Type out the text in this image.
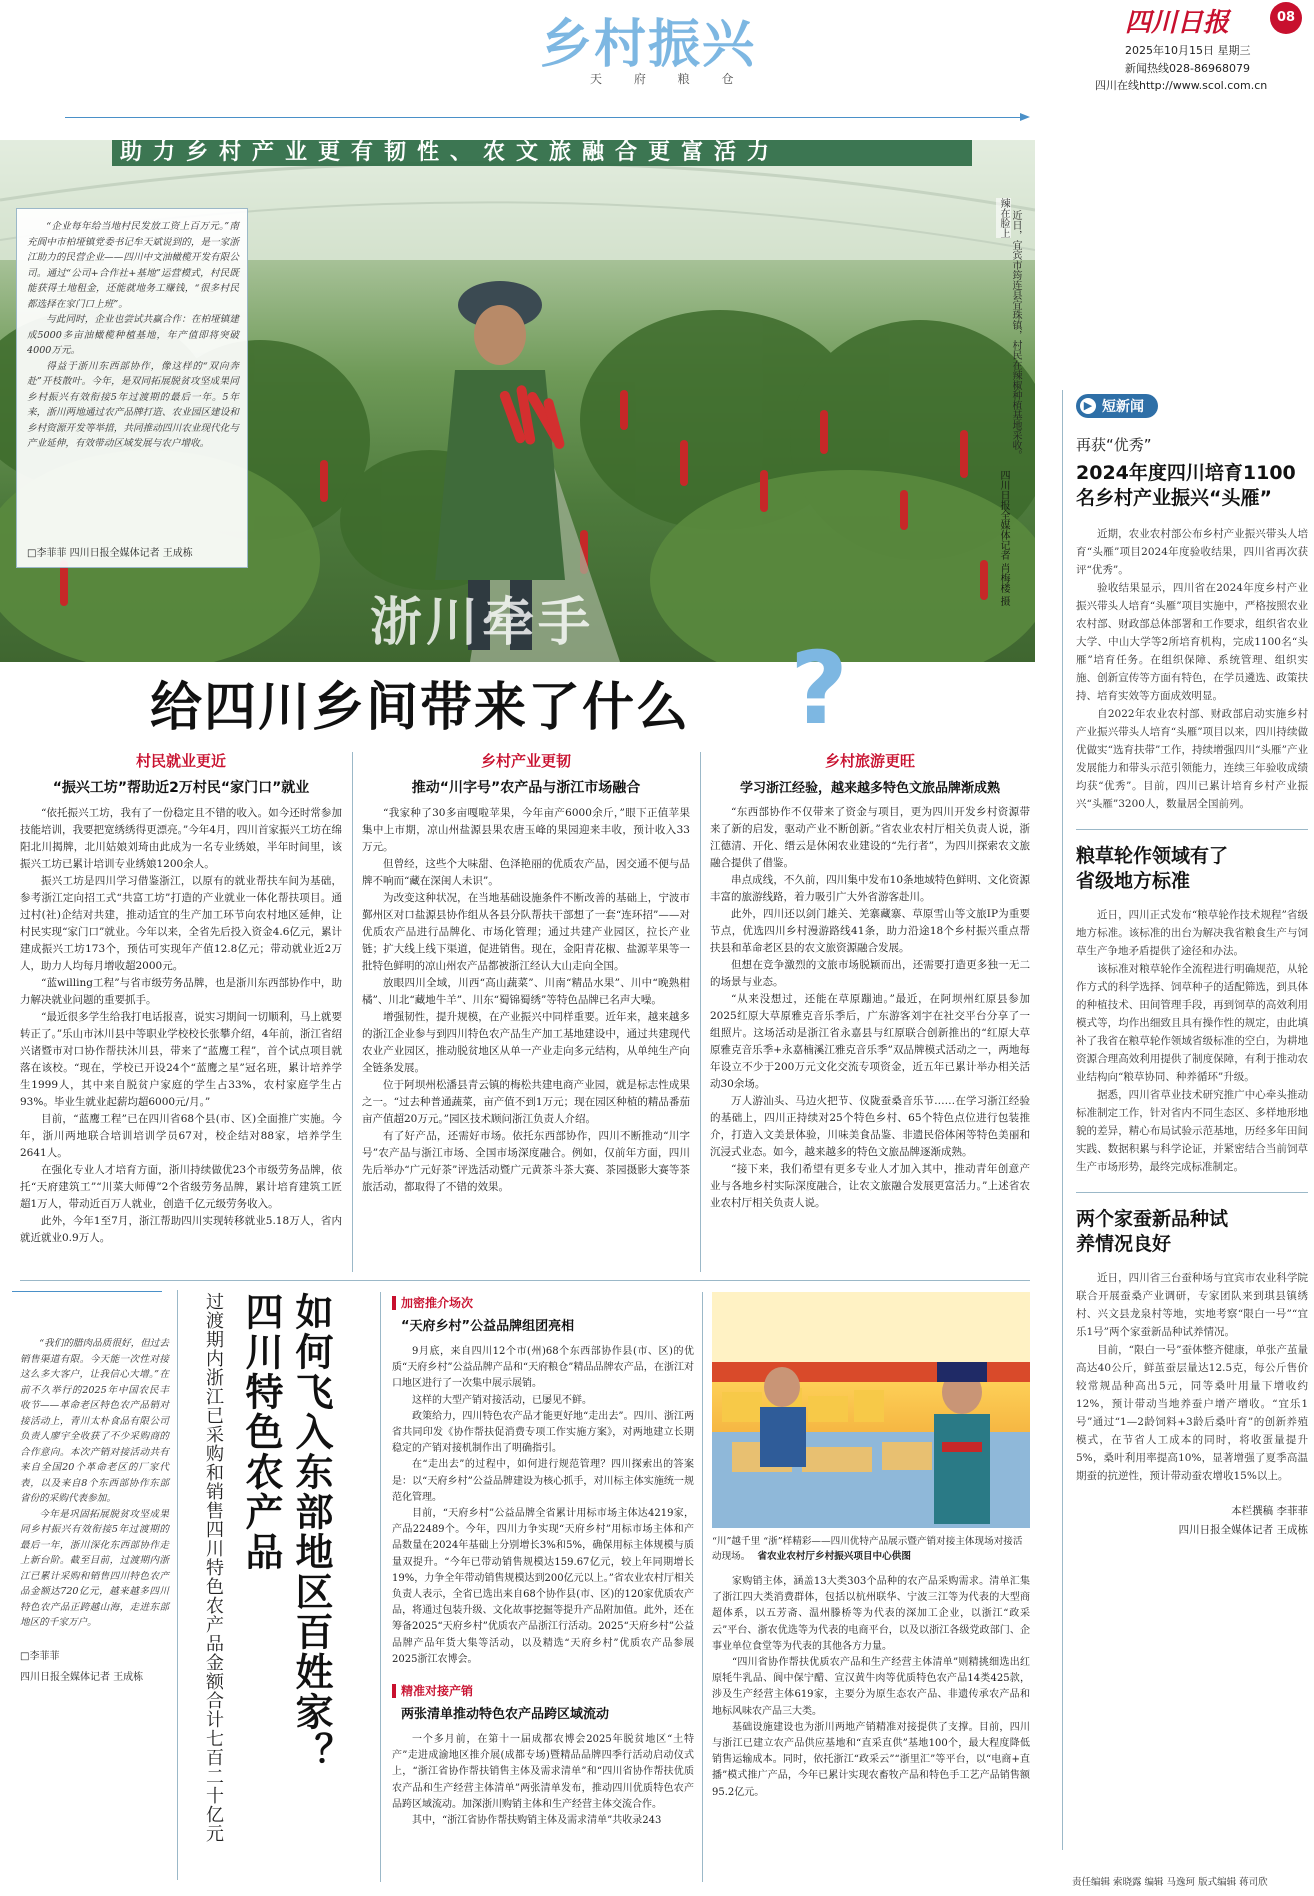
乡村振兴
天 府 粮 仓
四川日报	08
2025年10月15日 星期三
新闻热线028-86968079
四川在线http://www.scol.com.cn
助力乡村产业更有韧性、农文旅融合更富活力

“企业每年给当地村民发放工资上百万元。”南充阆中市柏垭镇党委书记牟天斌说到的，是一家浙江助力的民营企业——四川中文油橄榄开发有限公司。通过“公司+合作社+基地”运营模式，村民既能获得土地租金，还能就地务工赚钱，“很多村民都选择在家门口上班”。

与此同时，企业也尝试共赢合作：在柏垭镇建成5000多亩油橄榄种植基地，年产值即将突破4000万元。

得益于浙川东西部协作，像这样的“双向奔赴”开枝散叶。今年，是双同拓展脱贫攻坚成果同乡村振兴有效衔接5年过渡期的最后一年。5年来，浙川两地通过农产品牌打造、农业园区建设和乡村资源开发等举措，共同推动四川农业现代化与产业延伸，有效带动区域发展与农户增收。

□李菲菲 四川日报全媒体记者 王成栋
辣在脸上 近日，宜宾市筠连县宜珠镇，村民在辣椒种植基地采收。
四川日报全媒体记者 肖梅楼 摄
浙川牵手
给四川乡间带来了什么 ?
村民就业更近
“振兴工坊”帮助近2万村民“家门口”就业

“依托振兴工坊，我有了一份稳定且不错的收入。如今还时常参加技能培训，我要把宽绣绣得更漂亮。”今年4月，四川首家振兴工坊在绵阳北川揭牌，北川姑娘刘琦由此成为一名专业绣娘，半年时间里，该振兴工坊已累计培训专业绣娘1200余人。

振兴工坊是四川学习借鉴浙江，以原有的就业帮扶车间为基础，参考浙江定向招工式“共富工坊”打造的产业就业一体化帮扶项目。通过村(社)企结对共建，推动适宜的生产加工环节向农村地区延伸，让村民实现“家门口”就业。今年以来，全省先后投入资金4.6亿元，累计建成振兴工坊173个，预估可实现年产值12.8亿元；带动就业近2万人，助力人均每月增收超2000元。

“蓝willing工程”与省市级劳务品牌，也是浙川东西部协作中，助力解决就业问题的重要抓手。

“最近很多学生给我打电话报喜，说实习期间一切顺利，马上就要转正了。”乐山市沐川县中等职业学校校长张攀介绍，4年前，浙江省绍兴诸暨市对口协作帮扶沐川县，带来了“蓝鹰工程”，首个试点项目就落在该校。“现在，学校已开设24个“蓝鹰之星”冠名班，累计培养学生1999人，其中来自脱贫户家庭的学生占33%，农村家庭学生占93%。毕业生就业起薪均超6000元/月。”

目前，“蓝鹰工程”已在四川省68个县(市、区)全面推广实施。今年，浙川两地联合培训培训学员67对，校企结对88家，培养学生2641人。

在强化专业人才培育方面，浙川持续做优23个市级劳务品牌，依托“天府建筑工”“川菜大师傅”2个省级劳务品牌，累计培育建筑工匠超1万人，带动近百万人就业，创造千亿元级劳务收入。

此外，今年1至7月，浙江帮助四川实现转移就业5.18万人，省内就近就业0.9万人。

乡村产业更韧
推动“川字号”农产品与浙江市场融合

“我家种了30多亩嘎啦苹果，今年亩产6000余斤，”眼下正值苹果集中上市期，凉山州盐源县果农唐玉峰的果园迎来丰收，预计收入33万元。

但曾经，这些个大味甜、色泽艳丽的优质农产品，因交通不便与品牌不响而“藏在深闺人未识”。

为改变这种状况，在当地基础设施条件不断改善的基础上，宁波市鄞州区对口盐源县协作组从各县分队帮扶干部想了一套“连环招”——对优质农产品进行品牌化、市场化管理；通过共建产业园区，拉长产业链；扩大线上线下渠道，促进销售。现在，金阳青花椒、盐源苹果等一批特色鲜明的凉山州农产品都被浙江经认大山走向全国。

放眼四川全域，川西“高山蔬菜”、川南“精品水果”、川中“晚熟柑橘”、川北“藏地牛羊”、川东“蜀锦蜀绣”等特色品牌已名声大噪。

增强韧性，提升规模，在产业振兴中同样重要。近年来，越来越多的浙江企业参与到四川特色农产品生产加工基地建设中，通过共建现代农业产业园区，推动脱贫地区从单一产业走向多元结构，从单纯生产向全链条发展。

位于阿坝州松潘县青云镇的梅松共建电商产业园，就是标志性成果之一。“过去种普通蔬菜，亩产值不到1万元；现在园区种植的精品番茄亩产值超20万元。”园区技术顾问浙江负责人介绍。

有了好产品，还需好市场。依托东西部协作，四川不断推动“川字号”农产品与浙江市场、全国市场深度融合。例如，仅前年方面，四川先后举办“广元好茶”评选活动暨广元黄茶斗茶大赛、茶园摄影大赛等茶旅活动，都取得了不错的效果。

乡村旅游更旺
学习浙江经验，越来越多特色文旅品牌渐成熟

“东西部协作不仅带来了资金与项目，更为四川开发乡村资源带来了新的启发，驱动产业不断创新。”省农业农村厅相关负责人说，浙江德清、开化、缙云是休闲农业建设的“先行者”，为四川探索农文旅融合提供了借鉴。

串点成线，不久前，四川集中发布10条地域特色鲜明、文化资源丰富的旅游线路，着力吸引广大外省游客赴川。

此外，四川还以剑门雄关、羌寨藏寨、草原雪山等文旅IP为重要节点，优选四川乡村漫游路线41条，助力沿途18个乡村振兴重点帮扶县和革命老区县的农文旅资源融合发展。

但想在竞争激烈的文旅市场脱颖而出，还需要打造更多独一无二的场景与业态。

“从来没想过，还能在草原蹦迪。”最近，在阿坝州红原县参加2025红原大草原雅克音乐季后，广东游客刘宇在社交平台分享了一组照片。这场活动是浙江省永嘉县与红原联合创新推出的“红原大草原雅克音乐季+永嘉楠溪江雅克音乐季”双品牌模式活动之一，两地每年设立不少于200万元文化交流专项资金，近五年已累计举办相关活动30余场。

万人游汕头、马边火把节、仪陇蚕桑音乐节……在学习浙江经验的基础上，四川正持续对25个特色乡村、65个特色点位进行包装推介，打造入文美景体验，川味美食品鉴、非遗民俗体闲等特色美丽和沉浸式业态。如今，越来越多的特色文旅品牌逐渐成熟。

“接下来，我们希望有更多专业人才加入其中，推动青年创意产业与各地乡村实际深度融合，让农文旅融合发展更富活力。”上述省农业农村厅相关负责人说。

“我们的腊肉品质很好，但过去销售渠道有限。今天能一次性对接这么多大客户，让我信心大增。”在前不久举行的2025年中国农民丰收节——革命老区特色农产品销对接活动上，青川太朴食品有限公司负责人廖宇全收获了不少采购商的合作意向。本次产销对接活动共有来自全国20个革命老区的厂家代表，以及来自8个东西部协作东部省份的采购代表参加。

今年是巩固拓展脱贫攻坚成果同乡村振兴有效衔接5年过渡期的最后一年，浙川深化东西部协作走上新台阶。截至目前，过渡期内浙江已累计采购和销售四川特色农产品金额达720亿元，越来越多四川特色农产品正跨越山海，走进东部地区的千家万户。

□李菲菲
四川日报全媒体记者 王成栋	过渡期内浙江已采购和销售四川特色农产品金额合计七百二十亿元 四川特色农产品 如何飞入东部地区百姓家？	加密推介场次
“天府乡村”公益品牌组团亮相

9月底，来自四川12个市(州)68个东西部协作县(市、区)的优质“天府乡村”公益品牌产品和“天府粮仓”精品品牌农产品，在浙江对口地区进行了一次集中展示展销。

这样的大型产销对接活动，已屡见不鲜。

政策给力，四川特色农产品才能更好地“走出去”。四川、浙江两省共同印发《协作帮扶促消费专项工作实施方案》，对两地建立长期稳定的产销对接机制作出了明确指引。

在“走出去”的过程中，如何进行规范管理？四川探索出的答案是：以“天府乡村”公益品牌建设为核心抓手，对川标主体实施统一规范化管理。

目前，“天府乡村”公益品牌全省累计用标市场主体达4219家，产品22489个。今年，四川力争实现“天府乡村”用标市场主体和产品数量在2024年基础上分别增长3%和5%，确保用标主体规模与质量双提升。“今年已带动销售规模达159.67亿元，较上年同期增长19%，力争全年带动销售规模达到200亿元以上。”省农业农村厅相关负责人表示，全省已选出来自68个协作县(市、区)的120家优质农产品，将通过包装升级、文化故事挖掘等提升产品附加值。此外，还在筹备2025“天府乡村”优质农产品浙江行活动。2025“天府乡村”公益品牌产品年货大集等活动，以及精选“天府乡村”优质农产品参展2025浙江农博会。

精准对接产销
两张清单推动特色农产品跨区域流动

一个多月前，在第十一届成都农博会2025年脱贫地区“土特产”走进成渝地区推介展(成都专场)暨精品品牌四季行活动启动仪式上，“浙江省协作帮扶销售主体及需求清单”和“四川省协作帮扶优质农产品和生产经营主体清单”两张清单发布，推动四川优质特色农产品跨区域流动。加深浙川购销主体和生产经营主体交流合作。

其中，“浙江省协作帮扶购销主体及需求清单”共收录243

“川”越千里 “浙”样精彩——四川优特产品展示暨产销对接主体现场对接活动现场。 省农业农村厅乡村振兴项目中心供图

家购销主体，涵盖13大类303个品种的农产品采购需求。清单汇集了浙江四大类消费群体，包括以杭州联华、宁波三江等为代表的大型商超体系，以五芳斋、温州滕桥等为代表的深加工企业，以浙江“政采云”平台、浙农优选等为代表的电商平台，以及以浙江各级党政部门、企事业单位食堂等为代表的其他各方力量。

“四川省协作帮扶优质农产品和生产经营主体清单”则精挑细选出红原牦牛乳品、阆中保宁醋、宣汉黄牛肉等优质特色农产品14类425款，涉及生产经营主体619家，主要分为原生态农产品、非遗传承农产品和地标风味农产品三大类。

基础设施建设也为浙川两地产销精准对接提供了支撑。目前，四川与浙江已建立农产品供应基地和“直采直供”基地100个，最大程度降低销售运输成本。同时，依托浙江“政采云”“浙里汇”等平台，以“电商+直播”模式推广产品，今年已累计实现农畜牧产品和特色手工艺产品销售额95.2亿元。

▶ 短新闻
再获“优秀”
2024年度四川培育1100名乡村产业振兴“头雁”

近期，农业农村部公布乡村产业振兴带头人培育“头雁”项目2024年度验收结果，四川省再次获评“优秀”。

验收结果显示，四川省在2024年度乡村产业振兴带头人培育“头雁”项目实施中，严格按照农业农村部、财政部总体部署和工作要求，组织省农业大学、中山大学等2所培育机构，完成1100名“头雁”培育任务。在组织保障、系统管理、组织实施、创新宣传等方面有特色，在学员遴选、政策扶持、培育实效等方面成效明显。

自2022年农业农村部、财政部启动实施乡村产业振兴带头人培育“头雁”项目以来，四川持续做优做实“选育扶带”工作，持续增强四川“头雁”产业发展能力和带头示范引领能力，连续三年验收成绩均获“优秀”。目前，四川已累计培育乡村产业振兴“头雁”3200人，数量居全国前列。

粮草轮作领域有了省级地方标准

近日，四川正式发布“粮草轮作技术规程”省级地方标准。该标准的出台为解决我省粮食生产与饲草生产争地矛盾提供了途径和办法。

该标准对粮草轮作全流程进行明确规范，从轮作方式的科学选择、饲草种子的适配筛选，到具体的种植技术、田间管理手段，再到饲草的高效利用模式等，均作出细致且具有操作性的规定，由此填补了我省在粮草轮作领域省级标准的空白，为耕地资源合理高效利用提供了制度保障，有利于推动农业结构向“粮草协同、种养循环”升级。

据悉，四川省草业技术研究推广中心牵头推动标准制定工作，针对省内不同生态区、多样地形地貌的差异，精心布局试验示范基地，历经多年田间实践、数据积累与科学论证，并紧密结合当前饲草生产市场形势，最终完成标准制定。

两个家蚕新品种试养情况良好

近日，四川省三台蚕种场与宜宾市农业科学院联合开展蚕桑产业调研，专家团队来到琪县镇绣村、兴文县龙泉村等地，实地考察“限白一号”“宜乐1号”两个家蚕新品种试养情况。

目前，“限白一号”蚕体整齐健康，单张产茧量高达40公斤，鲜茧蚕层量达12.5克，每公斤售价较常规品种高出5元，同等桑叶用量下增收约12%，预计带动当地养蚕户增产增收。“宜乐1号”通过“1—2龄饲料+3龄后桑叶育”的创新养殖模式，在节省人工成本的同时，将收蛋量提升5%，桑叶利用率提高10%，显著增强了夏季高温期蚕的抗逆性，预计带动蚕农增收15%以上。

本栏撰稿 李菲菲
四川日报全媒体记者 王成栋
责任编辑 索晓露 编辑 马逸珂 版式编辑 蒋司欣
